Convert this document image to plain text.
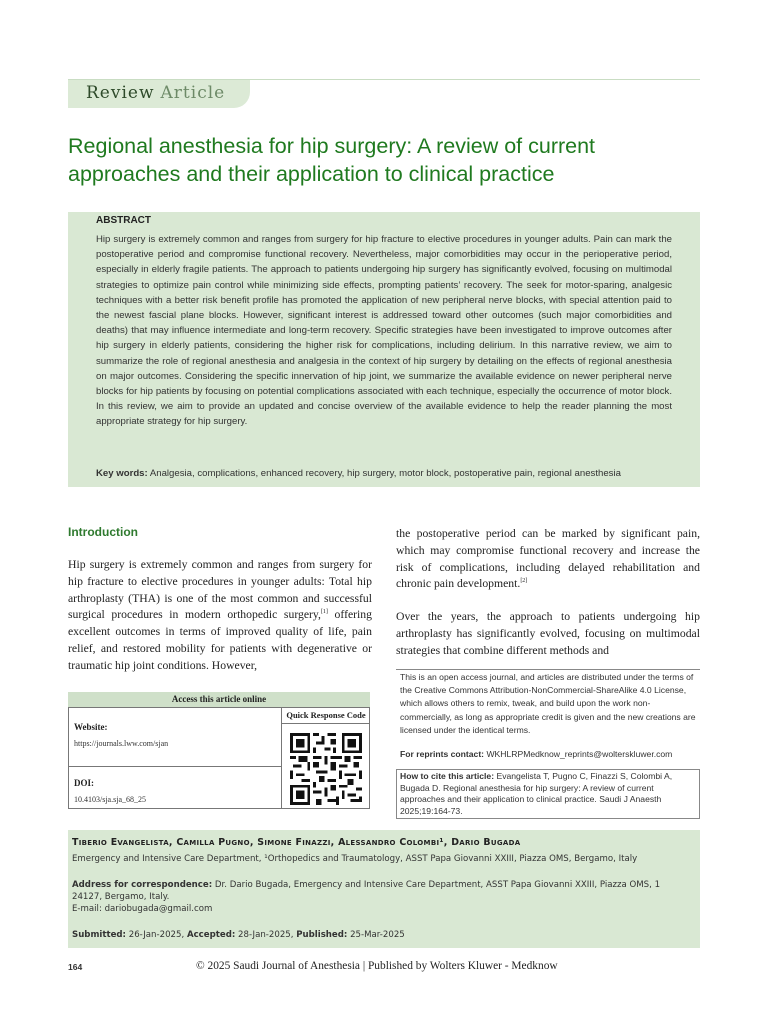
Review Article
Regional anesthesia for hip surgery: A review of current approaches and their application to clinical practice
ABSTRACT
Hip surgery is extremely common and ranges from surgery for hip fracture to elective procedures in younger adults. Pain can mark the postoperative period and compromise functional recovery. Nevertheless, major comorbidities may occur in the perioperative period, especially in elderly fragile patients. The approach to patients undergoing hip surgery has significantly evolved, focusing on multimodal strategies to optimize pain control while minimizing side effects, prompting patients’ recovery. The seek for motor-sparing, analgesic techniques with a better risk benefit profile has promoted the application of new peripheral nerve blocks, with special attention paid to the newest fascial plane blocks. However, significant interest is addressed toward other outcomes (such major comorbidities and deaths) that may influence intermediate and long-term recovery. Specific strategies have been investigated to improve outcomes after hip surgery in elderly patients, considering the higher risk for complications, including delirium. In this narrative review, we aim to summarize the role of regional anesthesia and analgesia in the context of hip surgery by detailing on the effects of regional anesthesia on major outcomes. Considering the specific innervation of hip joint, we summarize the available evidence on newer peripheral nerve blocks for hip patients by focusing on potential complications associated with each technique, especially the occurrence of motor block. In this review, we aim to provide an updated and concise overview of the available evidence to help the reader planning the most appropriate strategy for hip surgery.
Key words: Analgesia, complications, enhanced recovery, hip surgery, motor block, postoperative pain, regional anesthesia
Introduction
Hip surgery is extremely common and ranges from surgery for hip fracture to elective procedures in younger adults: Total hip arthroplasty (THA) is one of the most common and successful surgical procedures in modern orthopedic surgery,[1] offering excellent outcomes in terms of improved quality of life, pain relief, and restored mobility for patients with degenerative or traumatic hip joint conditions. However,
the postoperative period can be marked by significant pain, which may compromise functional recovery and increase the risk of complications, including delayed rehabilitation and chronic pain development.[2]
Over the years, the approach to patients undergoing hip arthroplasty has significantly evolved, focusing on multimodal strategies that combine different methods and
Access this article online
Quick Response Code
Website:
https://journals.lww.com/sjan
DOI:
10.4103/sja.sja_68_25
This is an open access journal, and articles are distributed under the terms of the Creative Commons Attribution-NonCommercial-ShareAlike 4.0 License, which allows others to remix, tweak, and build upon the work non-commercially, as long as appropriate credit is given and the new creations are licensed under the identical terms.
For reprints contact: WKHLRPMedknow_reprints@wolterskluwer.com
How to cite this article: Evangelista T, Pugno C, Finazzi S, Colombi A, Bugada D. Regional anesthesia for hip surgery: A review of current approaches and their application to clinical practice. Saudi J Anaesth 2025;19:164-73.
Tiberio Evangelista, Camilla Pugno, Simone Finazzi, Alessandro Colombi¹, Dario Bugada
Emergency and Intensive Care Department, ¹Orthopedics and Traumatology, ASST Papa Giovanni XXIII, Piazza OMS, Bergamo, Italy
Address for correspondence: Dr. Dario Bugada, Emergency and Intensive Care Department, ASST Papa Giovanni XXIII, Piazza OMS, 1 24127, Bergamo, Italy.
E-mail: dariobugada@gmail.com
Submitted: 26-Jan-2025, Accepted: 28-Jan-2025, Published: 25-Mar-2025
164	© 2025 Saudi Journal of Anesthesia | Published by Wolters Kluwer - Medknow
